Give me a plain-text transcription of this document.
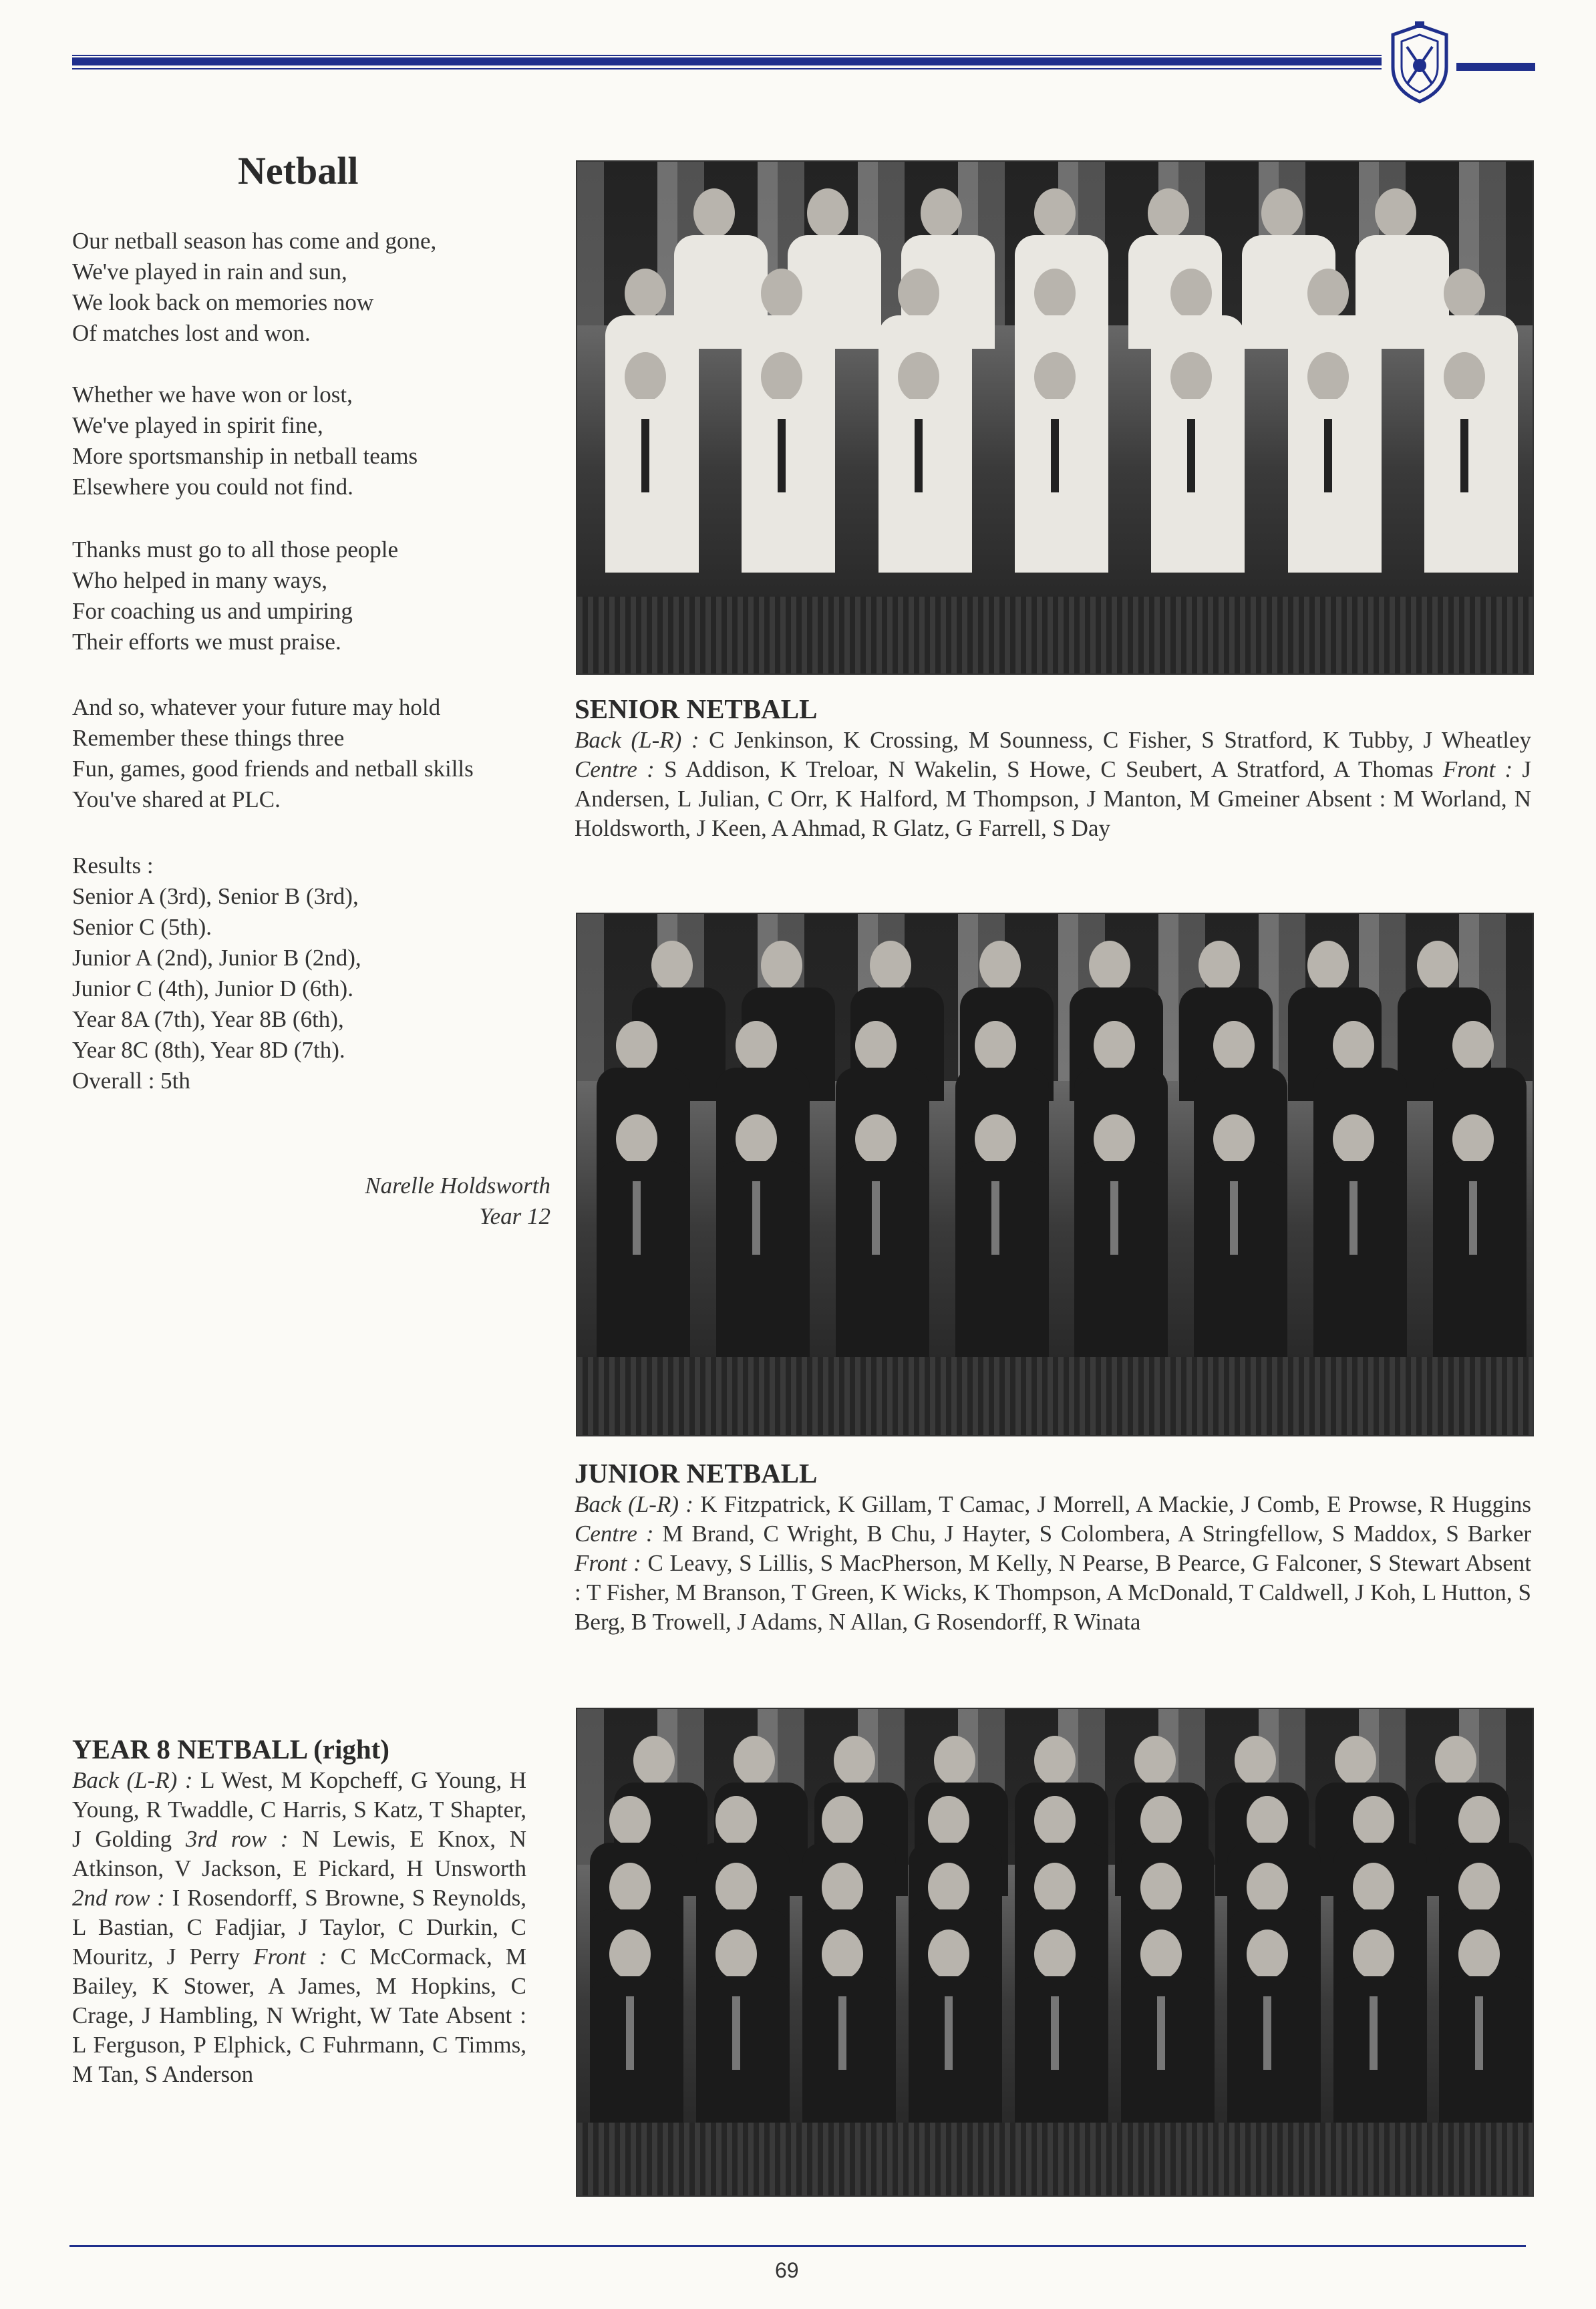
Netball
Our netball season has come and gone,
We've played in rain and sun,
We look back on memories now
Of matches lost and won.
Whether we have won or lost,
We've played in spirit fine,
More sportsmanship in netball teams
Elsewhere you could not find.
Thanks must go to all those people
Who helped in many ways,
For coaching us and umpiring
Their efforts we must praise.
And so, whatever your future may hold
Remember these things three
Fun, games, good friends and netball skills
You've shared at PLC.
Results :
Senior A (3rd), Senior B (3rd),
Senior C (5th).
Junior A (2nd), Junior B (2nd),
Junior C (4th), Junior D (6th).
Year 8A (7th), Year 8B (6th),
Year 8C (8th), Year 8D (7th).
Overall : 5th
Narelle Holdsworth
Year 12
SENIOR NETBALL
Back (L-R) : C Jenkinson, K Crossing, M Sounness, C Fisher, S Stratford, K Tubby, J Wheatley Centre : S Addison, K Treloar, N Wakelin, S Howe, C Seubert, A Stratford, A Thomas Front : J Andersen, L Julian, C Orr, K Halford, M Thompson, J Manton, M Gmeiner Absent : M Worland, N Holdsworth, J Keen, A Ahmad, R Glatz, G Farrell, S Day
JUNIOR NETBALL
Back (L-R) : K Fitzpatrick, K Gillam, T Camac, J Morrell, A Mackie, J Comb, E Prowse, R Huggins Centre : M Brand, C Wright, B Chu, J Hayter, S Colombera, A Stringfellow, S Maddox, S Barker Front : C Leavy, S Lillis, S MacPherson, M Kelly, N Pearse, B Pearce, G Falconer, S Stewart Absent : T Fisher, M Branson, T Green, K Wicks, K Thompson, A McDonald, T Caldwell, J Koh, L Hutton, S Berg, B Trowell, J Adams, N Allan, G Rosendorff, R Winata
YEAR 8 NETBALL (right)
Back (L-R) : L West, M Kopcheff, G Young, H Young, R Twaddle, C Harris, S Katz, T Shapter, J Golding 3rd row : N Lewis, E Knox, N Atkinson, V Jackson, E Pickard, H Unsworth 2nd row : I Rosendorff, S Browne, S Reynolds, L Bastian, C Fadjiar, J Taylor, C Durkin, C Mouritz, J Perry Front : C McCormack, M Bailey, K Stower, A James, M Hopkins, C Crage, J Hambling, N Wright, W Tate Absent : L Ferguson, P Elphick, C Fuhrmann, C Timms, M Tan, S Anderson
69
